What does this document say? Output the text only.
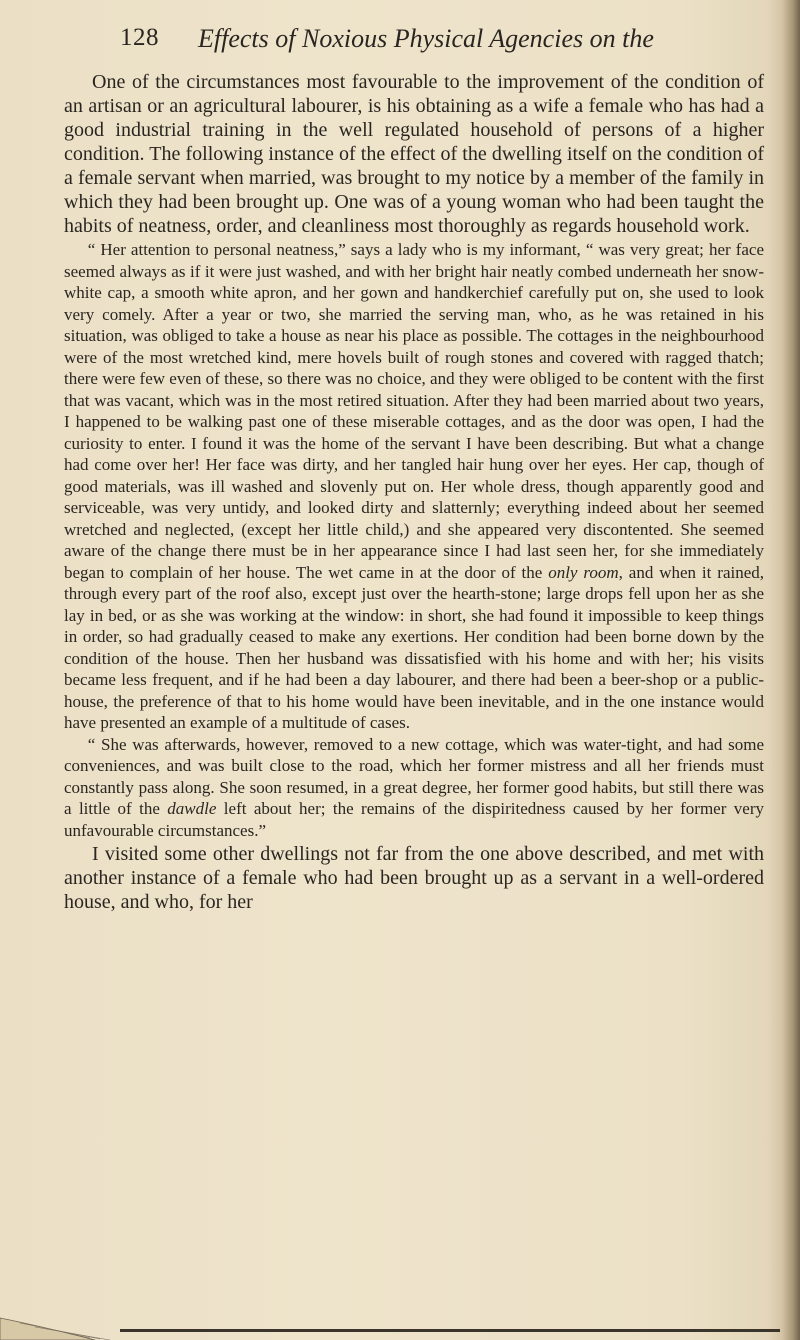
128 Effects of Noxious Physical Agencies on the

One of the circumstances most favourable to the improvement of the condition of an artisan or an agricultural labourer, is his obtaining as a wife a female who has had a good industrial training in the well regulated household of persons of a higher condition. The following instance of the effect of the dwelling itself on the condition of a female servant when married, was brought to my notice by a member of the family in which they had been brought up. One was of a young woman who had been taught the habits of neatness, order, and cleanliness most thoroughly as regards household work.

“ Her attention to personal neatness,” says a lady who is my informant, “ was very great; her face seemed always as if it were just washed, and with her bright hair neatly combed underneath her snow-white cap, a smooth white apron, and her gown and handkerchief carefully put on, she used to look very comely. After a year or two, she married the serving man, who, as he was retained in his situation, was obliged to take a house as near his place as possible. The cottages in the neighbourhood were of the most wretched kind, mere hovels built of rough stones and covered with ragged thatch; there were few even of these, so there was no choice, and they were obliged to be content with the first that was vacant, which was in the most retired situation. After they had been married about two years, I happened to be walking past one of these miserable cottages, and as the door was open, I had the curiosity to enter. I found it was the home of the servant I have been describing. But what a change had come over her! Her face was dirty, and her tangled hair hung over her eyes. Her cap, though of good materials, was ill washed and slovenly put on. Her whole dress, though apparently good and serviceable, was very untidy, and looked dirty and slatternly; everything indeed about her seemed wretched and neglected, (except her little child,) and she appeared very discontented. She seemed aware of the change there must be in her appearance since I had last seen her, for she immediately began to complain of her house. The wet came in at the door of the only room, and when it rained, through every part of the roof also, except just over the hearth-stone; large drops fell upon her as she lay in bed, or as she was working at the window: in short, she had found it impossible to keep things in order, so had gradually ceased to make any exertions. Her condition had been borne down by the condition of the house. Then her husband was dissatisfied with his home and with her; his visits became less frequent, and if he had been a day labourer, and there had been a beer-shop or a public-house, the preference of that to his home would have been inevitable, and in the one instance would have presented an example of a multitude of cases.

“ She was afterwards, however, removed to a new cottage, which was water-tight, and had some conveniences, and was built close to the road, which her former mistress and all her friends must constantly pass along. She soon resumed, in a great degree, her former good habits, but still there was a little of the dawdle left about her; the remains of the dispiritedness caused by her former very unfavourable circumstances.”

I visited some other dwellings not far from the one above described, and met with another instance of a female who had been brought up as a servant in a well-ordered house, and who, for her
